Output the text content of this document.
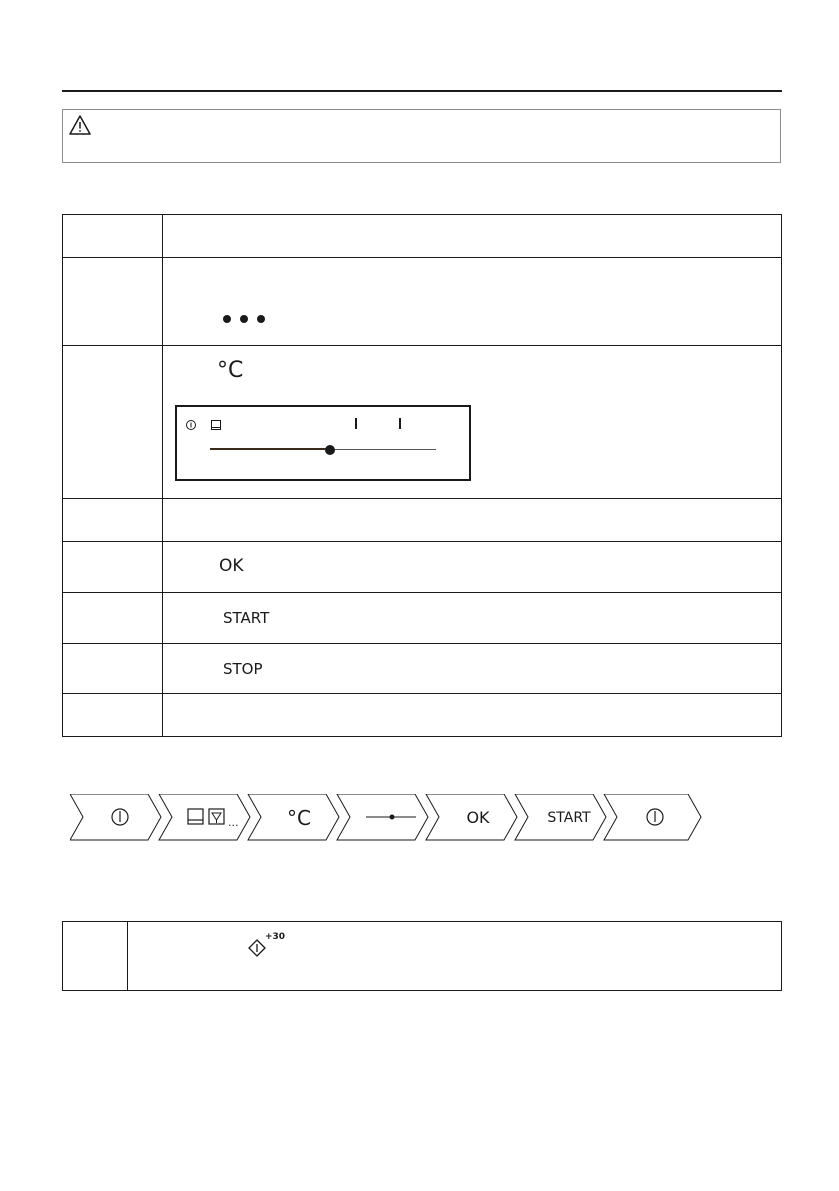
	°C

	OK

	START

	STOP

... °C	OK	START
+30
